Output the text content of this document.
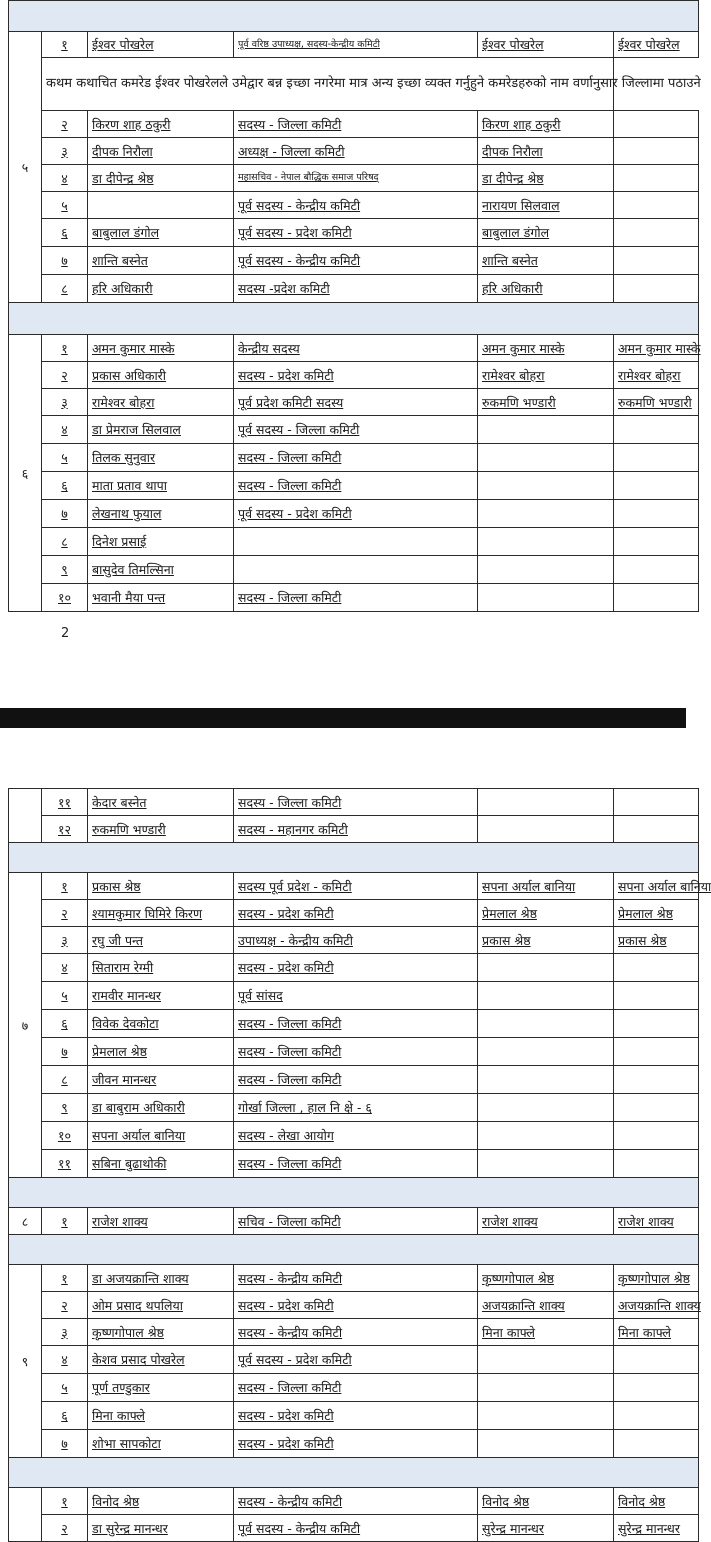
५	१	ईश्वर पोखरेल	पूर्व वरिष्ठ उपाध्यक्ष, सदस्य-केन्द्रीय कमिटी	ईश्वर पोखरेल	ईश्वर पोखरेल
	कथम कथाचित कमरेड ईश्वर पोखरेलले उमेद्वार बन्न इच्छा नगरेमा मात्र अन्य इच्छा व्यक्त गर्नुहुने कमरेडहरुको नाम वर्णानुसार जिल्लामा पठाउने				
	२	किरण शाह ठकुरी	सदस्य - जिल्ला कमिटी	किरण शाह ठकुरी	
	३	दीपक निरौला	अध्यक्ष - जिल्ला कमिटी	दीपक निरौला	
	४	डा दीपेन्द्र श्रेष्ठ	महासचिव - नेपाल बौद्धिक समाज परिषद्	डा दीपेन्द्र श्रेष्ठ	
	५		पूर्व सदस्य - केन्द्रीय कमिटी	नारायण सिलवाल	
	६	बाबुलाल डंगोल	पूर्व सदस्य - प्रदेश कमिटी	बाबुलाल डंगोल	
	७	शान्ति बस्नेत	पूर्व सदस्य - केन्द्रीय कमिटी	शान्ति बस्नेत	
	८	हरि अधिकारी	सदस्य -प्रदेश कमिटी	हरि अधिकारी	

६	१	अमन कुमार मास्के	केन्द्रीय सदस्य	अमन कुमार मास्के	अमन कुमार मास्के
	२	प्रकास अधिकारी	सदस्य - प्रदेश कमिटी	रामेश्वर बोहरा	रामेश्वर बोहरा
	३	रामेश्वर बोहरा	पूर्व प्रदेश कमिटी सदस्य	रुकमणि भण्डारी	रुकमणि भण्डारी
	४	डा प्रेमराज सिलवाल	पूर्व सदस्य - जिल्ला कमिटी		
	५	तिलक सुनुवार	सदस्य - जिल्ला कमिटी		
	६	माता प्रताव थापा	सदस्य - जिल्ला कमिटी		
	७	लेखनाथ फुयाल	पूर्व सदस्य - प्रदेश कमिटी		
	८	दिनेश प्रसाई			
	९	बासुदेव तिमल्सिना			
	१०	भवानी मैया पन्त	सदस्य - जिल्ला कमिटी		
2
	११	केदार बस्नेत	सदस्य - जिल्ला कमिटी		
	१२	रुकमणि भण्डारी	सदस्य - महानगर कमिटी		

७	१	प्रकास श्रेष्ठ	सदस्य पूर्व प्रदेश - कमिटी	सपना अर्याल बानिया	सपना अर्याल बानिया
	२	श्यामकुमार घिमिरे किरण	सदस्य - प्रदेश कमिटी	प्रेमलाल श्रेष्ठ	प्रेमलाल श्रेष्ठ
	३	रघु जी पन्त	उपाध्यक्ष - केन्द्रीय कमिटी	प्रकास श्रेष्ठ	प्रकास श्रेष्ठ
	४	सिताराम रेग्मी	सदस्य - प्रदेश कमिटी		
	५	रामवीर मानन्धर	पूर्व सांसद		
	६	विवेक देवकोटा	सदस्य - जिल्ला कमिटी		
	७	प्रेमलाल श्रेष्ठ	सदस्य - जिल्ला कमिटी		
	८	जीवन मानन्धर	सदस्य - जिल्ला कमिटी		
	९	डा बाबुराम अधिकारी	गोर्खा जिल्ला , हाल नि क्षे - ६		
	१०	सपना अर्याल बानिया	सदस्य - लेखा आयोग		
	११	सबिना बुढाथोकी	सदस्य - जिल्ला कमिटी		

८	१	राजेश शाक्य	सचिव - जिल्ला कमिटी	राजेश शाक्य	राजेश शाक्य

९	१	डा अजयक्रान्ति शाक्य	सदस्य - केन्द्रीय कमिटी	कृष्णगोपाल श्रेष्ठ	कृष्णगोपाल श्रेष्ठ
	२	ओम प्रसाद थपलिया	सदस्य - प्रदेश कमिटी	अजयक्रान्ति शाक्य	अजयक्रान्ति शाक्य
	३	कृष्णगोपाल श्रेष्ठ	सदस्य - केन्द्रीय कमिटी	मिना काफ्ले	मिना काफ्ले
	४	केशव प्रसाद पोखरेल	पूर्व सदस्य - प्रदेश कमिटी		
	५	पूर्ण तण्डुकार	सदस्य - जिल्ला कमिटी		
	६	मिना काफ्ले	सदस्य - प्रदेश कमिटी		
	७	शोभा सापकोटा	सदस्य - प्रदेश कमिटी		

	१	विनोद श्रेष्ठ	सदस्य - केन्द्रीय कमिटी	विनोद श्रेष्ठ	विनोद श्रेष्ठ
	२	डा सुरेन्द्र मानन्धर	पूर्व सदस्य - केन्द्रीय कमिटी	सुरेन्द्र मानन्धर	सुरेन्द्र मानन्धर
